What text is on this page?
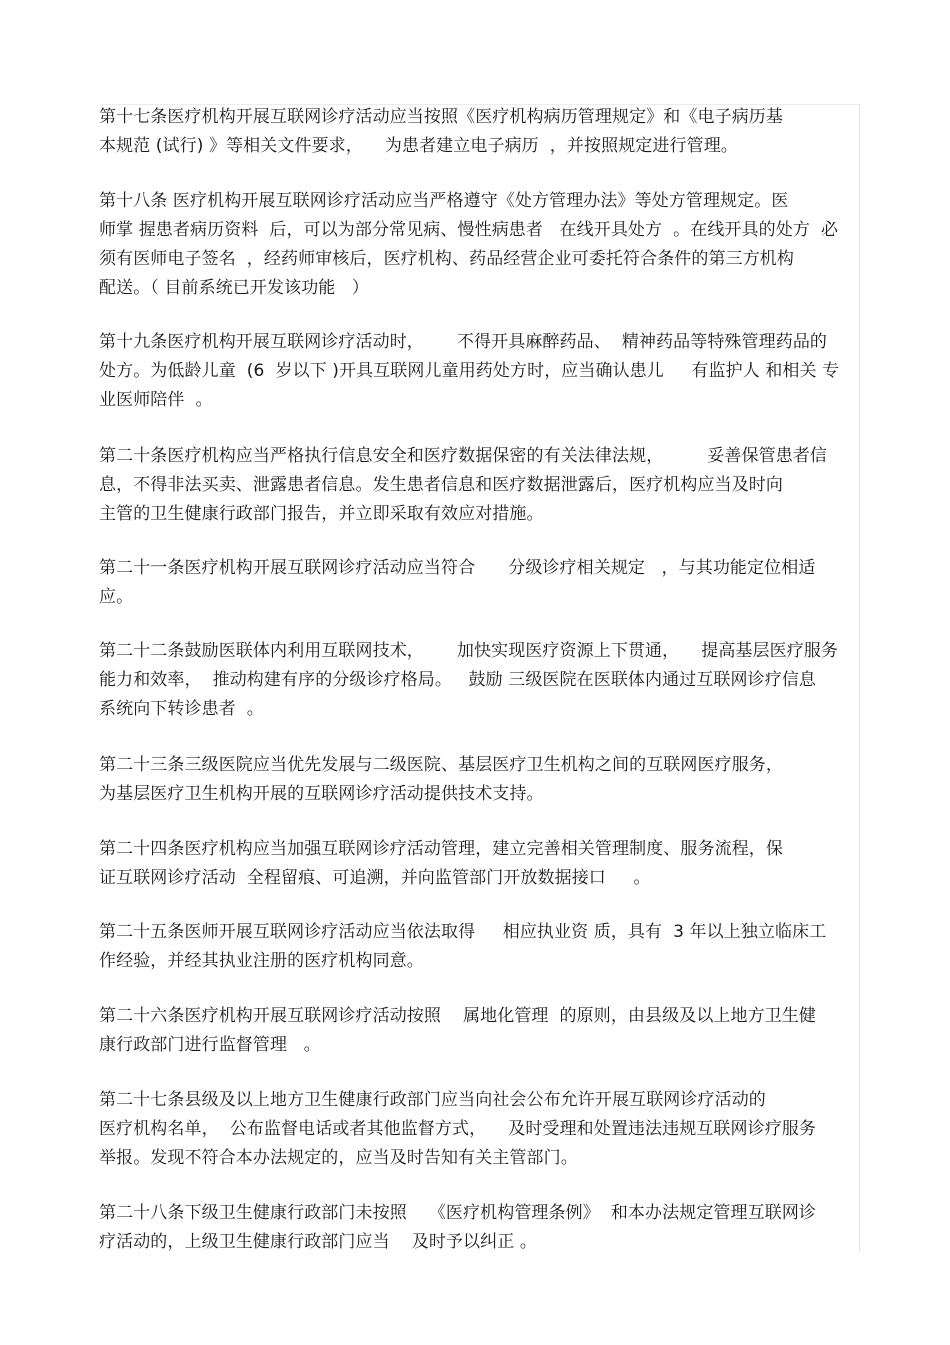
第十七条医疗机构开展互联网诊疗活动应当按照《医疗机构病历管理规定》和《电子病历基
本规范 (试行) 》等相关文件要求，    为患者建立电子病历  ，并按照规定进行管理。
第十八条 医疗机构开展互联网诊疗活动应当严格遵守《处方管理办法》等处方管理规定。医
师掌 握患者病历资料  后，可以为部分常见病、慢性病患者   在线开具处方  。在线开具的处方  必
须有医师电子签名  ，经药师审核后，医疗机构、药品经营企业可委托符合条件的第三方机构
配送。（ 目前系统已开发该功能   ）
第十九条医疗机构开展互联网诊疗活动时，      不得开具麻醉药品、  精神药品等特殊管理药品的
处方。为低龄儿童  (6  岁以下 )开具互联网儿童用药处方时，应当确认患儿     有监护人 和相关 专
业医师陪伴  。
第二十条医疗机构应当严格执行信息安全和医疗数据保密的有关法律法规，        妥善保管患者信
息，不得非法买卖、泄露患者信息。发生患者信息和医疗数据泄露后，医疗机构应当及时向
主管的卫生健康行政部门报告，并立即采取有效应对措施。
第二十一条医疗机构开展互联网诊疗活动应当符合      分级诊疗相关规定   ，与其功能定位相适
应。
第二十二条鼓励医联体内利用互联网技术，      加快实现医疗资源上下贯通，    提高基层医疗服务
能力和效率，  推动构建有序的分级诊疗格局。   鼓励 三级医院在医联体内通过互联网诊疗信息
系统向下转诊患者  。
第二十三条三级医院应当优先发展与二级医院、基层医疗卫生机构之间的互联网医疗服务，
为基层医疗卫生机构开展的互联网诊疗活动提供技术支持。
第二十四条医疗机构应当加强互联网诊疗活动管理，建立完善相关管理制度、服务流程，保
证互联网诊疗活动  全程留痕、可追溯，并向监管部门开放数据接口     。
第二十五条医师开展互联网诊疗活动应当依法取得     相应执业资 质，具有  3 年以上独立临床工
作经验，并经其执业注册的医疗机构同意。
第二十六条医疗机构开展互联网诊疗活动按照    属地化管理  的原则，由县级及以上地方卫生健
康行政部门进行监督管理   。
第二十七条县级及以上地方卫生健康行政部门应当向社会公布允许开展互联网诊疗活动的
医疗机构名单，  公布监督电话或者其他监督方式，    及时受理和处置违法违规互联网诊疗服务
举报。发现不符合本办法规定的，应当及时告知有关主管部门。
第二十八条下级卫生健康行政部门未按照    《医疗机构管理条例》  和本办法规定管理互联网诊
疗活动的，上级卫生健康行政部门应当    及时予以纠正 。
